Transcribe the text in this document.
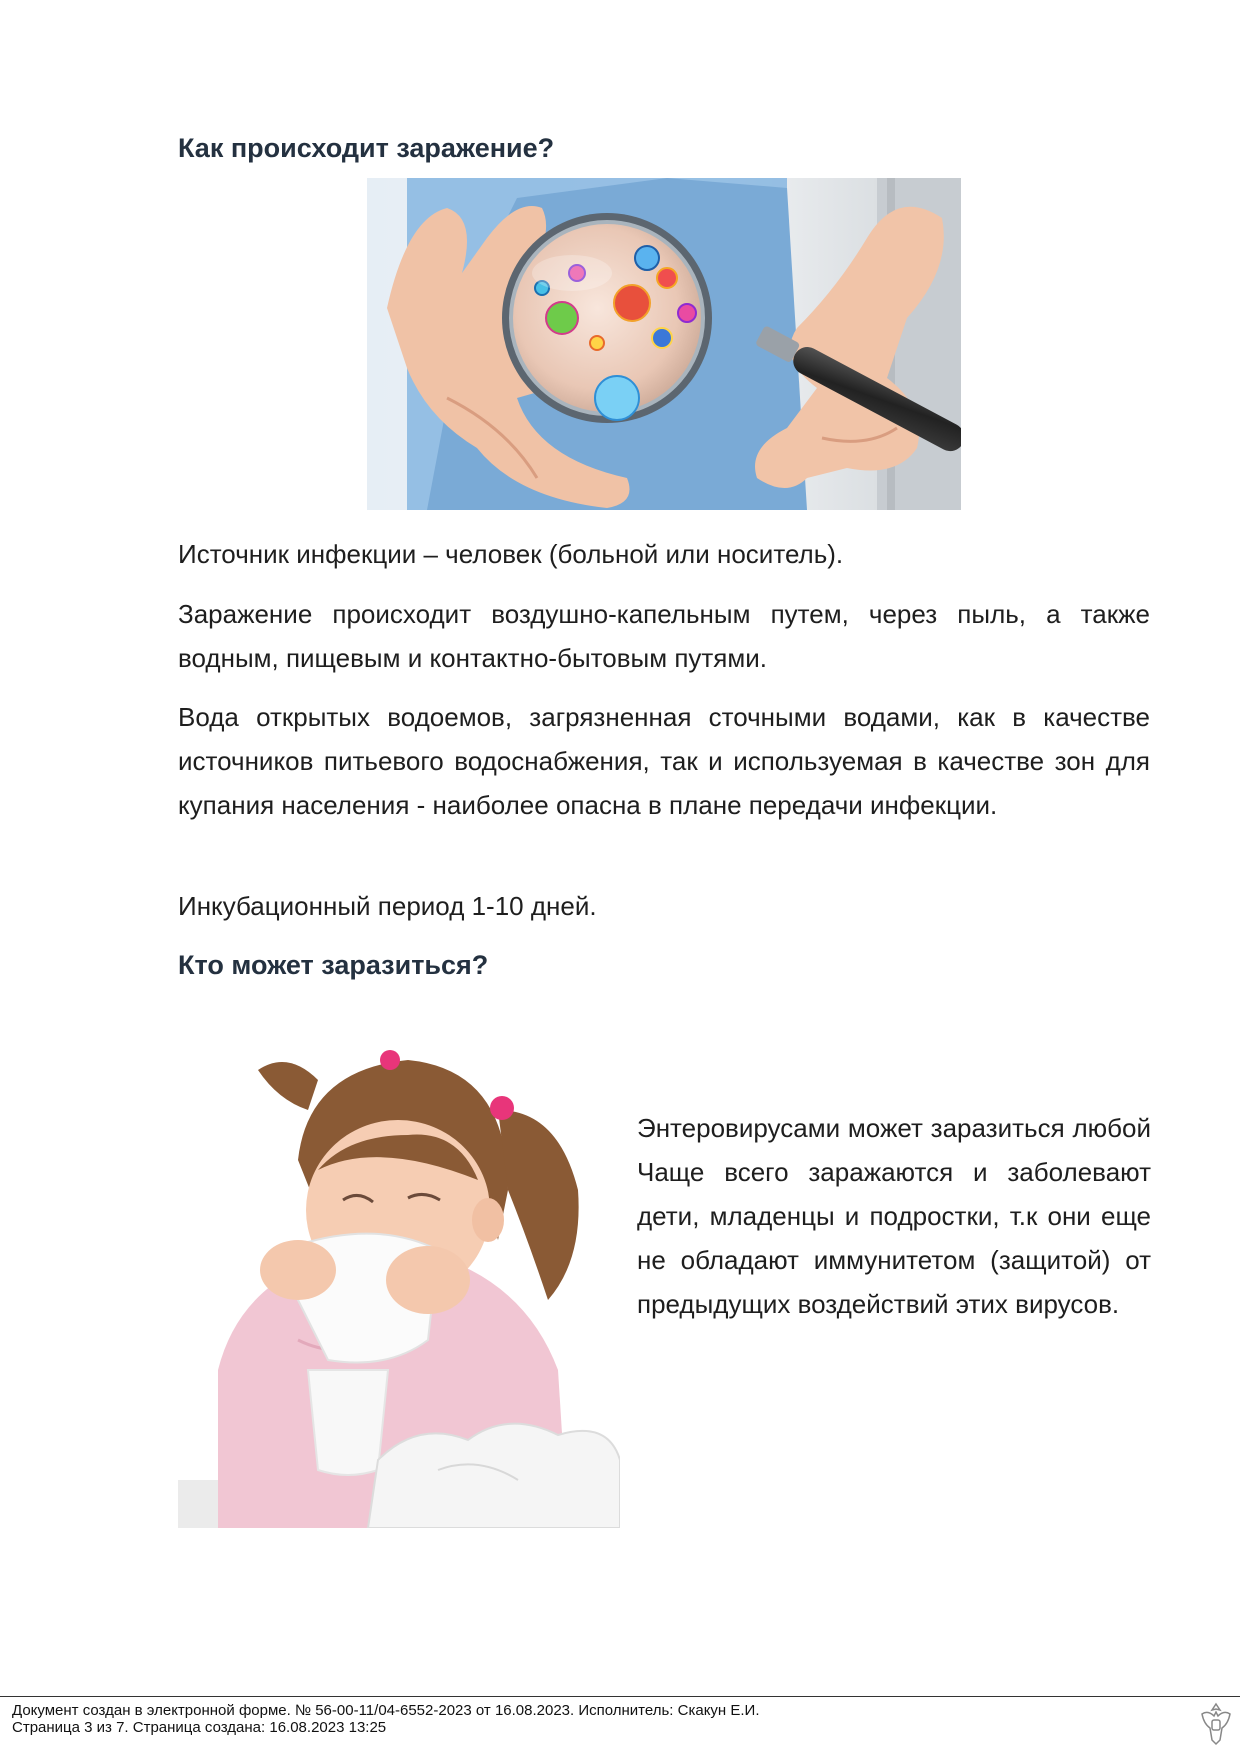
Как происходит заражение?

Источник инфекции – человек (больной или носитель).

Заражение происходит воздушно-капельным путем, через пыль, а также водным, пищевым и контактно-бытовым путями.

Вода открытых водоемов, загрязненная сточными водами, как в качестве источников питьевого водоснабжения, так и используемая в качестве зон для купания населения - наиболее опасна в плане передачи инфекции.

Инкубационный период 1-10 дней.

Кто может заразиться?

Энтеровирусами может заразиться любой Чаще всего заражаются и заболевают дети, младенцы и подростки, т.к они еще не обладают иммунитетом (защитой) от предыдущих воздействий этих вирусов.

Документ создан в электронной форме. № 56-00-11/04-6552-2023 от 16.08.2023. Исполнитель: Скакун Е.И.
Страница 3 из 7. Страница создана: 16.08.2023 13:25
